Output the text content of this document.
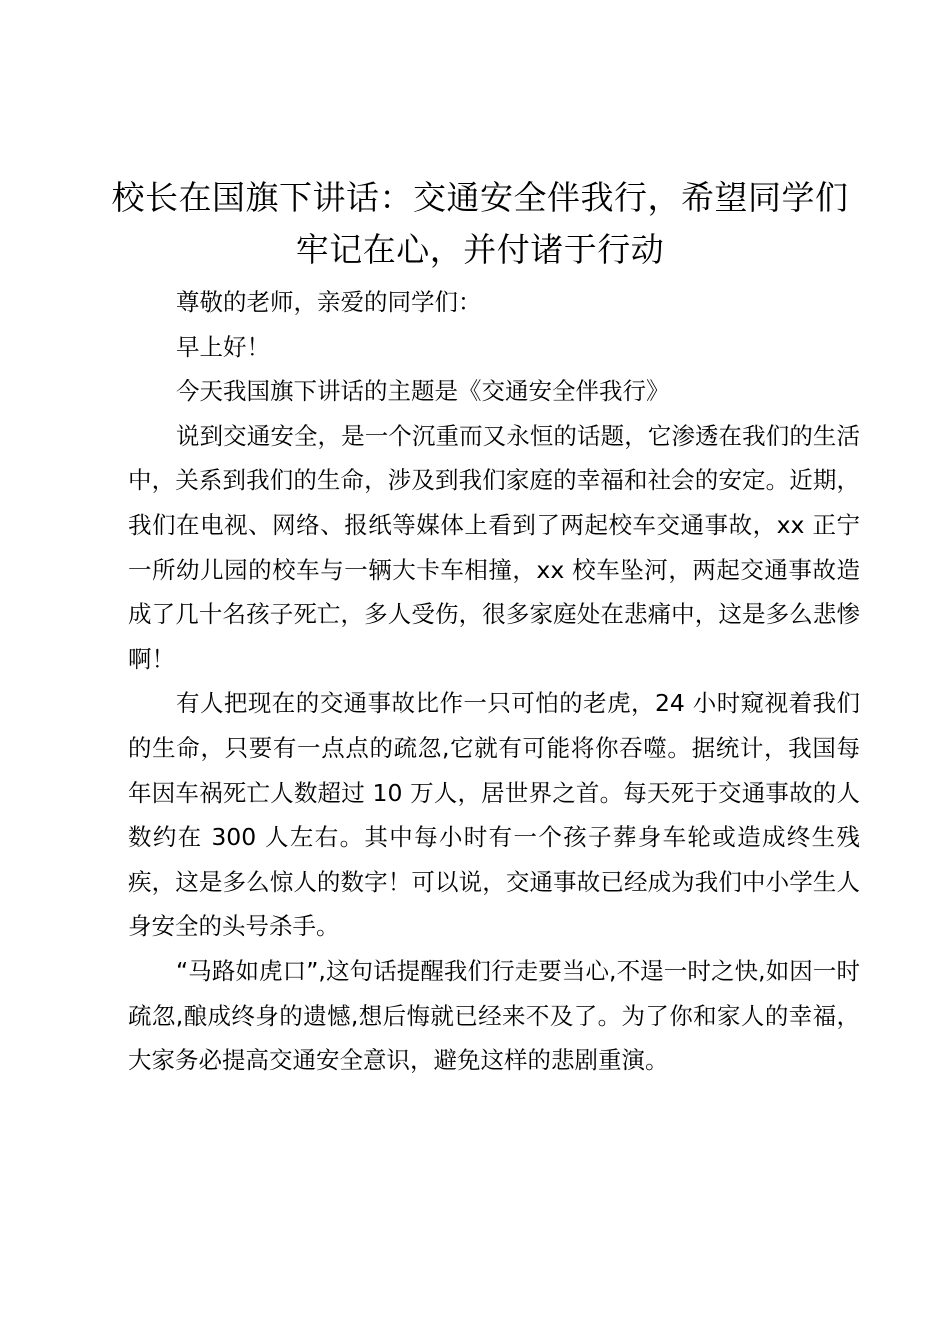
校长在国旗下讲话：交通安全伴我行，希望同学们牢记在心，并付诸于行动

尊敬的老师，亲爱的同学们：

早上好！

今天我国旗下讲话的主题是《交通安全伴我行》

说到交通安全，是一个沉重而又永恒的话题，它渗透在我们的生活中，关系到我们的生命，涉及到我们家庭的幸福和社会的安定。近期，我们在电视、网络、报纸等媒体上看到了两起校车交通事故，xx 正宁一所幼儿园的校车与一辆大卡车相撞，xx 校车坠河，两起交通事故造成了几十名孩子死亡，多人受伤，很多家庭处在悲痛中，这是多么悲惨啊！

有人把现在的交通事故比作一只可怕的老虎，24 小时窥视着我们的生命，只要有一点点的疏忽,它就有可能将你吞噬。据统计，我国每年因车祸死亡人数超过 10 万人，居世界之首。每天死于交通事故的人数约在 300 人左右。其中每小时有一个孩子葬身车轮或造成终生残疾，这是多么惊人的数字！可以说，交通事故已经成为我们中小学生人身安全的头号杀手。

“马路如虎口”,这句话提醒我们行走要当心,不逞一时之快,如因一时疏忽,酿成终身的遗憾,想后悔就已经来不及了。为了你和家人的幸福，大家务必提高交通安全意识，避免这样的悲剧重演。
